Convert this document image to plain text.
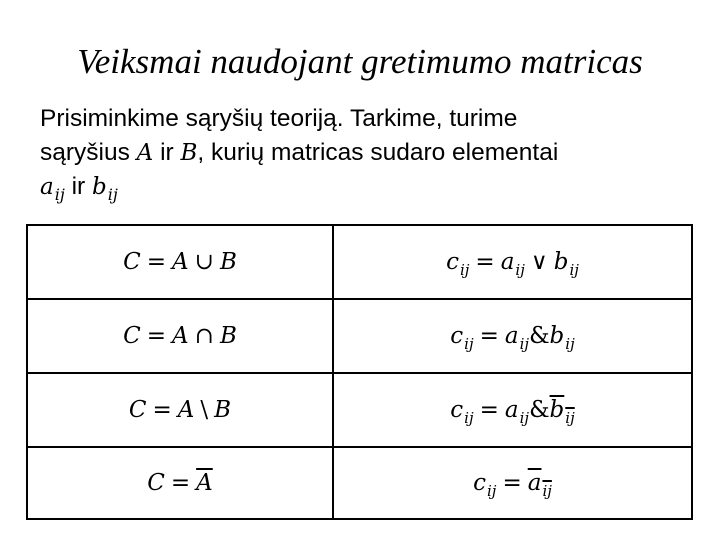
Veiksmai naudojant gretimumo matricas
Prisiminkime sąryšių teoriją. Tarkime, turime
sąryšius A ir B, kurių matricas sudaro elementai
$a_{ij}$ ir $b_{ij}$
C = A ∪ B	$c_{ij} = a_{ij}$ ∨ $b_{ij}$
C = A ∩ B	$c_{ij}$ = $a_{ij}\&b_{ij}$
C = A \ B	$c_{ij}$ = $a_{ij}\&b_{ij}$
$C = \overline{A}$	$c_{ij} = a_{ij}$
